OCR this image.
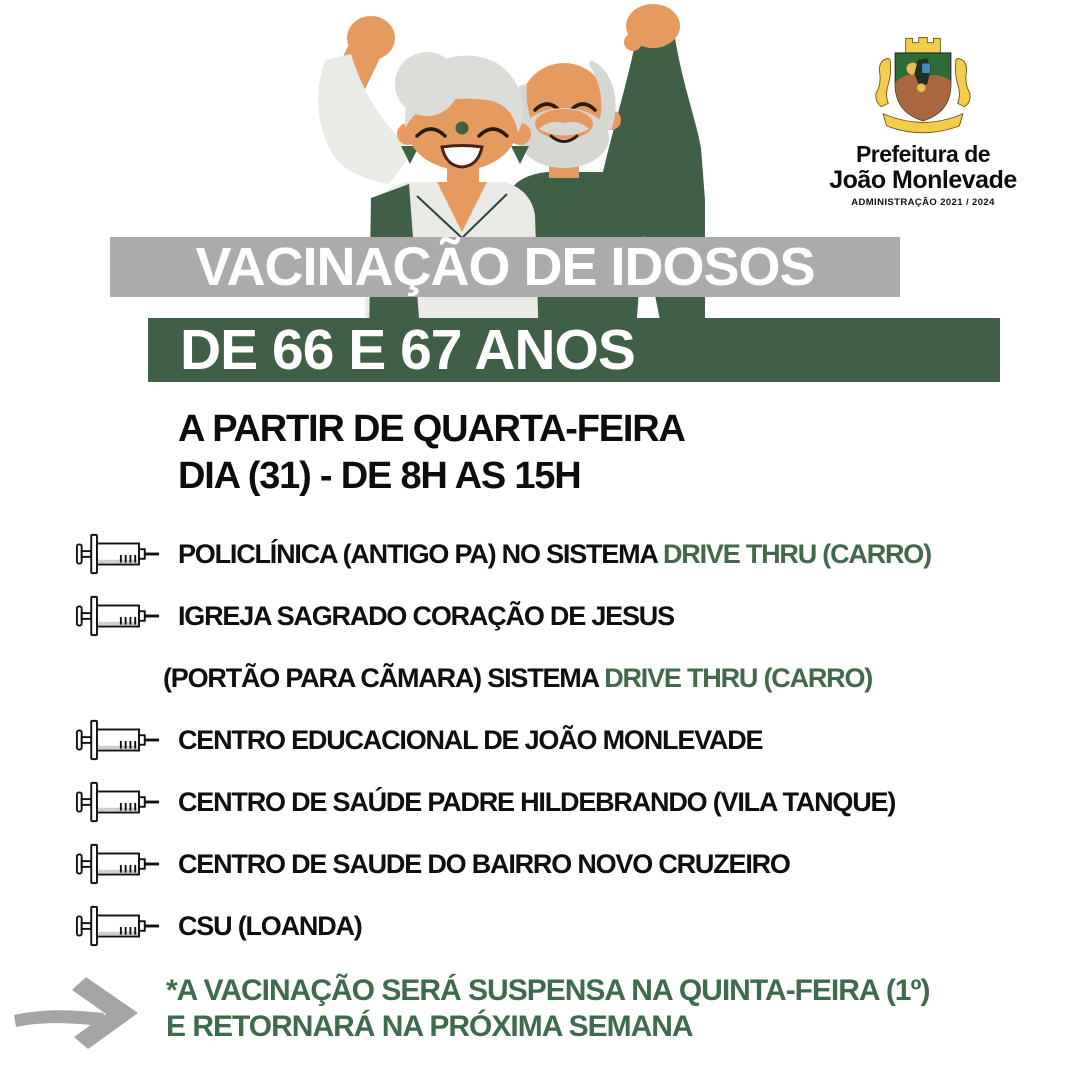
Prefeitura de
João Monlevade
ADMINISTRAÇÃO 2021 / 2024
VACINAÇÃO DE IDOSOS
DE 66 E 67 ANOS
A PARTIR DE QUARTA-FEIRA
DIA (31) - DE 8H AS 15H
POLICLÍNICA (ANTIGO PA) NO SISTEMA DRIVE THRU (CARRO)
IGREJA SAGRADO CORAÇÃO DE JESUS
(PORTÃO PARA CÃMARA) SISTEMA DRIVE THRU (CARRO)
CENTRO EDUCACIONAL DE JOÃO MONLEVADE
CENTRO DE SAÚDE PADRE HILDEBRANDO (VILA TANQUE)
CENTRO DE SAUDE DO BAIRRO NOVO CRUZEIRO
CSU (LOANDA)
*A VACINAÇÃO SERÁ SUSPENSA NA QUINTA-FEIRA (1º)
E RETORNARÁ NA PRÓXIMA SEMANA
